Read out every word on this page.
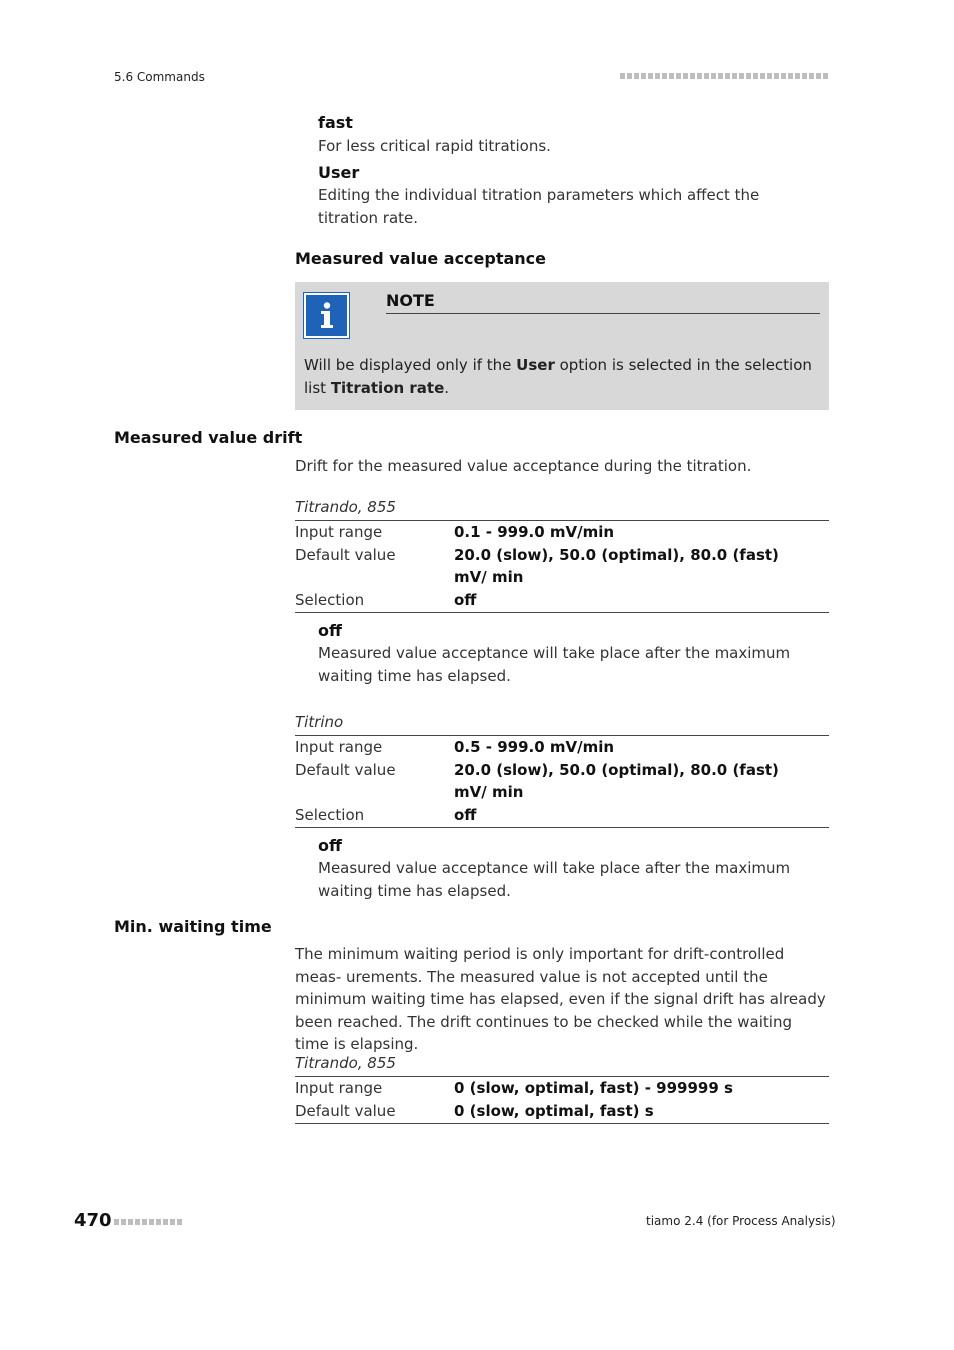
5.6 Commands
fast
For less critical rapid titrations.
User
Editing the individual titration parameters which affect the titration rate.
Measured value acceptance
NOTE
Will be displayed only if the User option is selected in the selection list Titration rate.
Measured value drift
Drift for the measured value acceptance during the titration.
Titrando, 855
Input range	0.1 - 999.0 mV/min
Default value	20.0 (slow), 50.0 (optimal), 80.0 (fast) mV/ min
Selection	off
off
Measured value acceptance will take place after the maximum waiting time has elapsed.
Titrino
Input range	0.5 - 999.0 mV/min
Default value	20.0 (slow), 50.0 (optimal), 80.0 (fast) mV/ min
Selection	off
off
Measured value acceptance will take place after the maximum waiting time has elapsed.
Min. waiting time
The minimum waiting period is only important for drift-controlled meas- urements. The measured value is not accepted until the minimum waiting time has elapsed, even if the signal drift has already been reached. The drift continues to be checked while the waiting time is elapsing.
Titrando, 855
Input range	0 (slow, optimal, fast) - 999999 s
Default value	0 (slow, optimal, fast) s
470	tiamo 2.4 (for Process Analysis)
